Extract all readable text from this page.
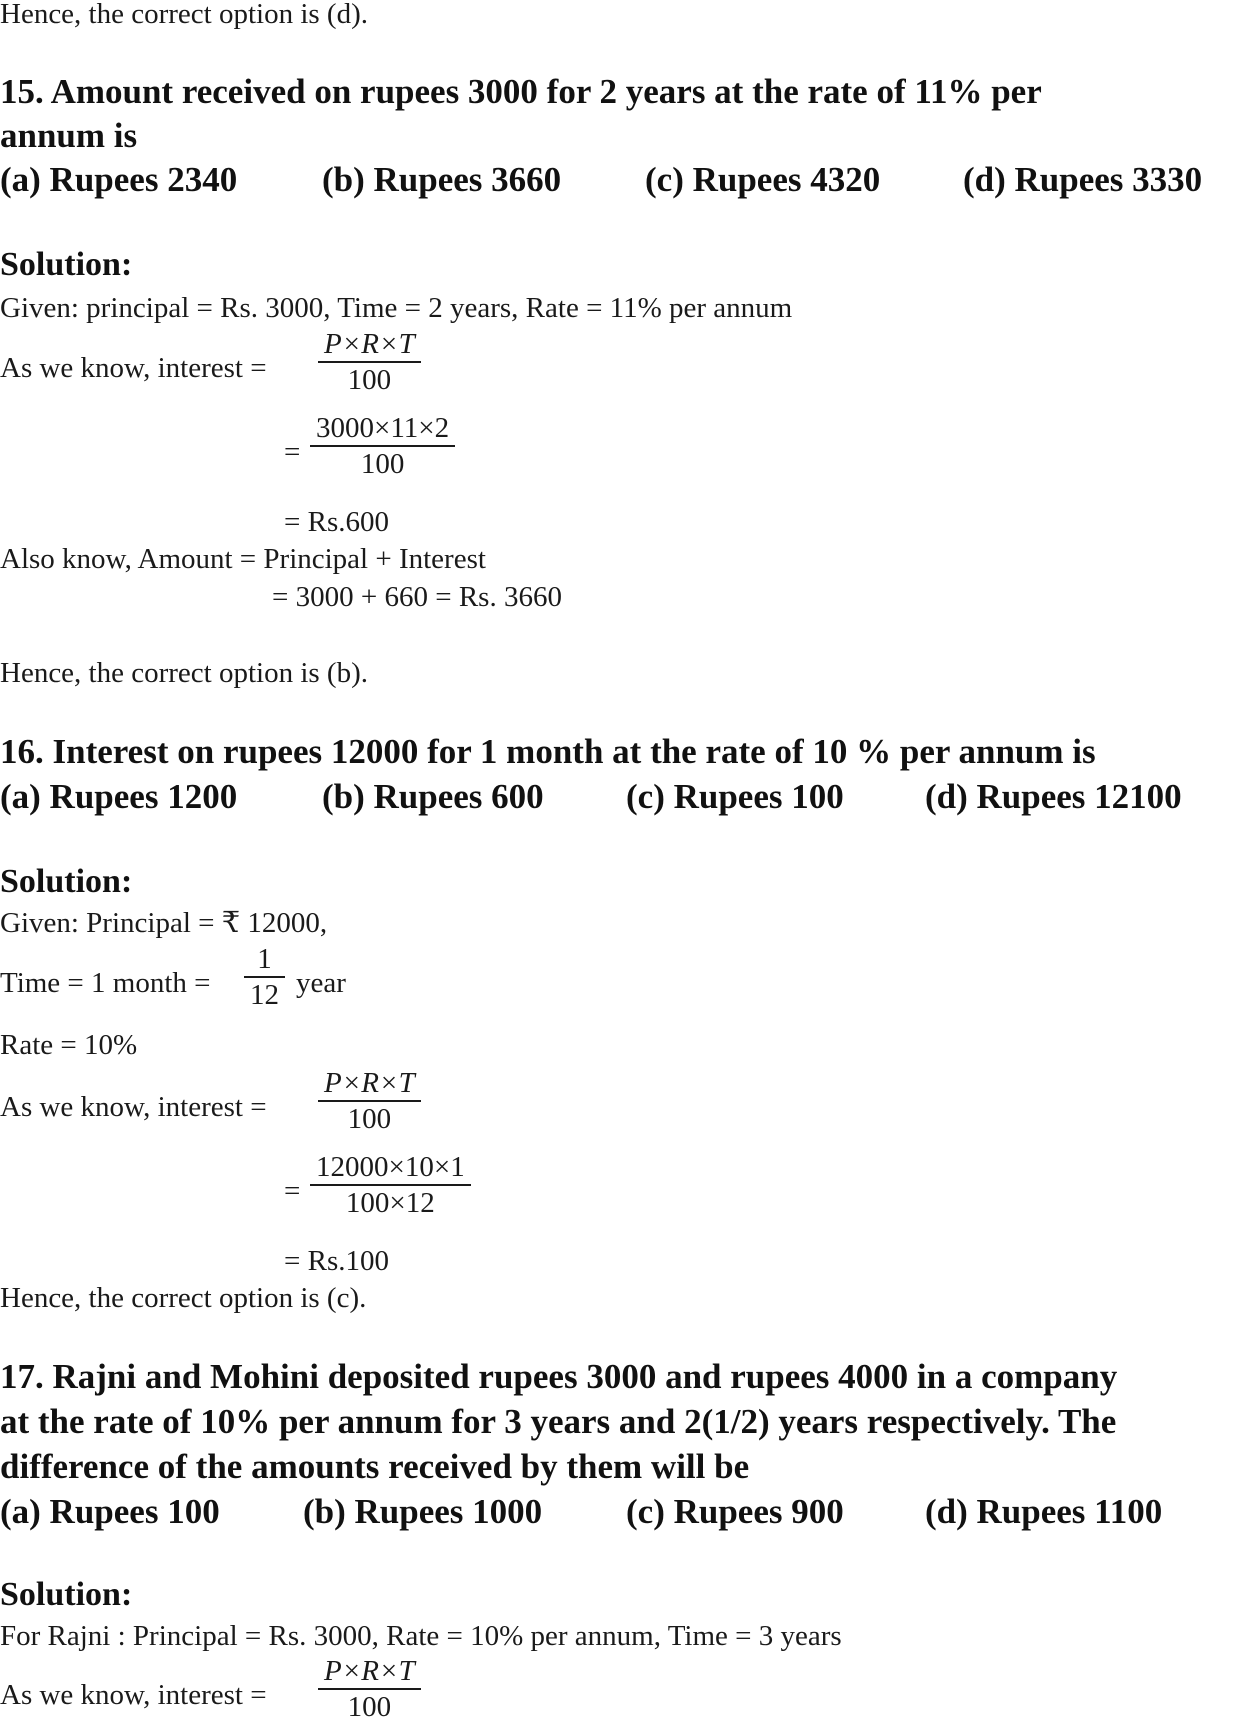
Hence, the correct option is (d).
15. Amount received on rupees 3000 for 2 years at the rate of 11% per
annum is
(a) Rupees 2340 (b) Rupees 3660 (c) Rupees 4320 (d) Rupees 3330
Solution:
Given: principal = Rs. 3000, Time = 2 years, Rate = 11% per annum
As we know, interest = $\frac{P\times R\times T}{100}$
= $\frac{3000\times 11\times 2}{100}$
= Rs.600
Also know, Amount = Principal + Interest
= 3000 + 660 = Rs. 3660
Hence, the correct option is (b).
16. Interest on rupees 12000 for 1 month at the rate of 10 % per annum is
(a) Rupees 1200 (b) Rupees 600 (c) Rupees 100 (d) Rupees 12100
Solution:
Given: Principal = ₹ 12000,
Time = 1 month = $\frac{1}{12}$ year
Rate = 10%
As we know, interest = $\frac{P\times R\times T}{100}$
= $\frac{12000\times 10\times 1}{100\times 12}$
= Rs.100
Hence, the correct option is (c).
17. Rajni and Mohini deposited rupees 3000 and rupees 4000 in a company
at the rate of 10% per annum for 3 years and 2(1/2) years respectively. The
difference of the amounts received by them will be
(a) Rupees 100 (b) Rupees 1000 (c) Rupees 900 (d) Rupees 1100
Solution:
For Rajni : Principal = Rs. 3000, Rate = 10% per annum, Time = 3 years
As we know, interest = $\frac{P\times R\times T}{100}$
